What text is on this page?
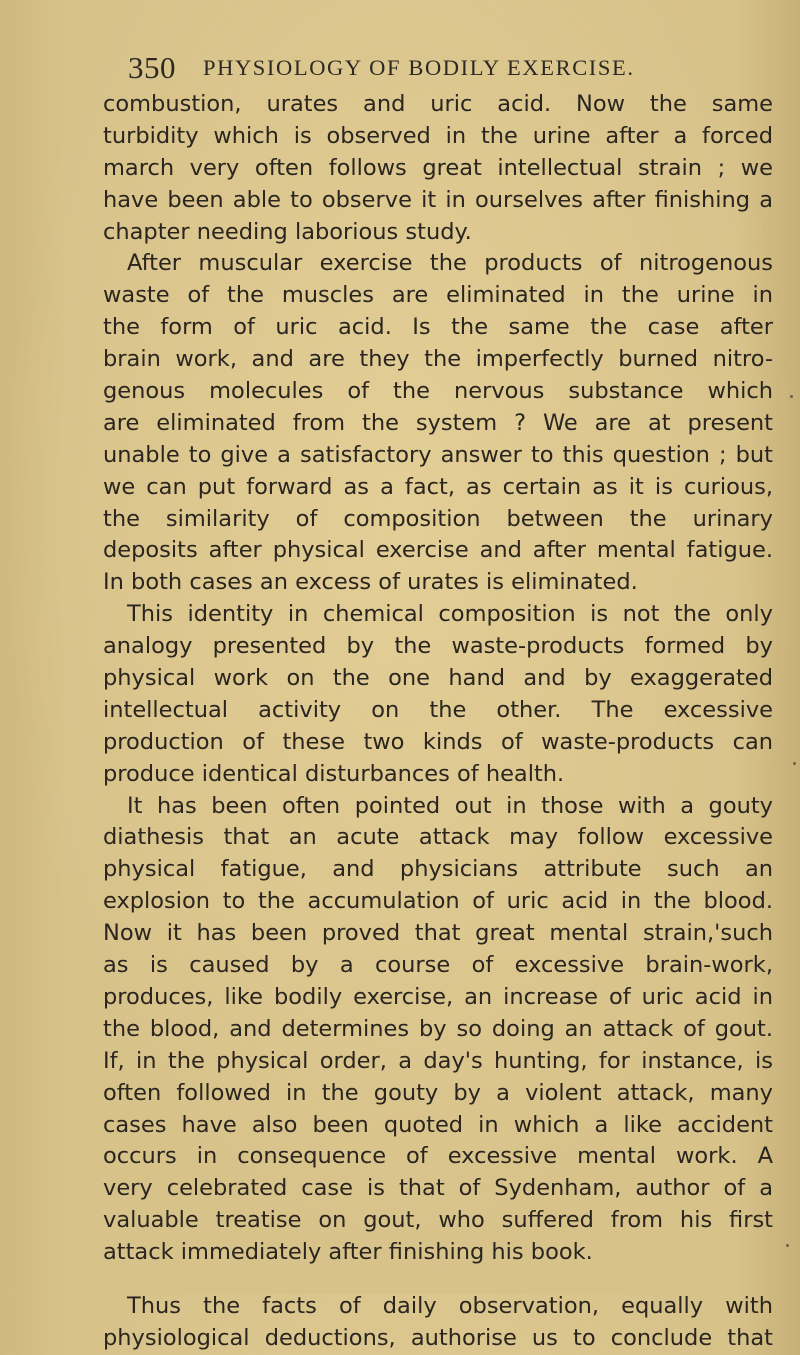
350 PHYSIOLOGY OF BODILY EXERCISE.
combustion, urates and uric acid. Now the same
turbidity which is observed in the urine after a forced
march very often follows great intellectual strain ; we
have been able to observe it in ourselves after finishing a
chapter needing laborious study.
After muscular exercise the products of nitrogenous
waste of the muscles are eliminated in the urine in
the form of uric acid. Is the same the case after
brain work, and are they the imperfectly burned nitro-
genous molecules of the nervous substance which
are eliminated from the system ? We are at present
unable to give a satisfactory answer to this question ; but
we can put forward as a fact, as certain as it is curious,
the similarity of composition between the urinary
deposits after physical exercise and after mental fatigue.
In both cases an excess of urates is eliminated.
This identity in chemical composition is not the only
analogy presented by the waste-products formed by
physical work on the one hand and by exaggerated
intellectual activity on the other. The excessive
production of these two kinds of waste-products can
produce identical disturbances of health.
It has been often pointed out in those with a gouty
diathesis that an acute attack may follow excessive
physical fatigue, and physicians attribute such an
explosion to the accumulation of uric acid in the blood.
Now it has been proved that great mental strain,'such
as is caused by a course of excessive brain-work,
produces, like bodily exercise, an increase of uric acid in
the blood, and determines by so doing an attack of gout.
If, in the physical order, a day's hunting, for instance, is
often followed in the gouty by a violent attack, many
cases have also been quoted in which a like accident
occurs in consequence of excessive mental work. A
very celebrated case is that of Sydenham, author of a
valuable treatise on gout, who suffered from his first
attack immediately after finishing his book.
Thus the facts of daily observation, equally with
physiological deductions, authorise us to conclude that
